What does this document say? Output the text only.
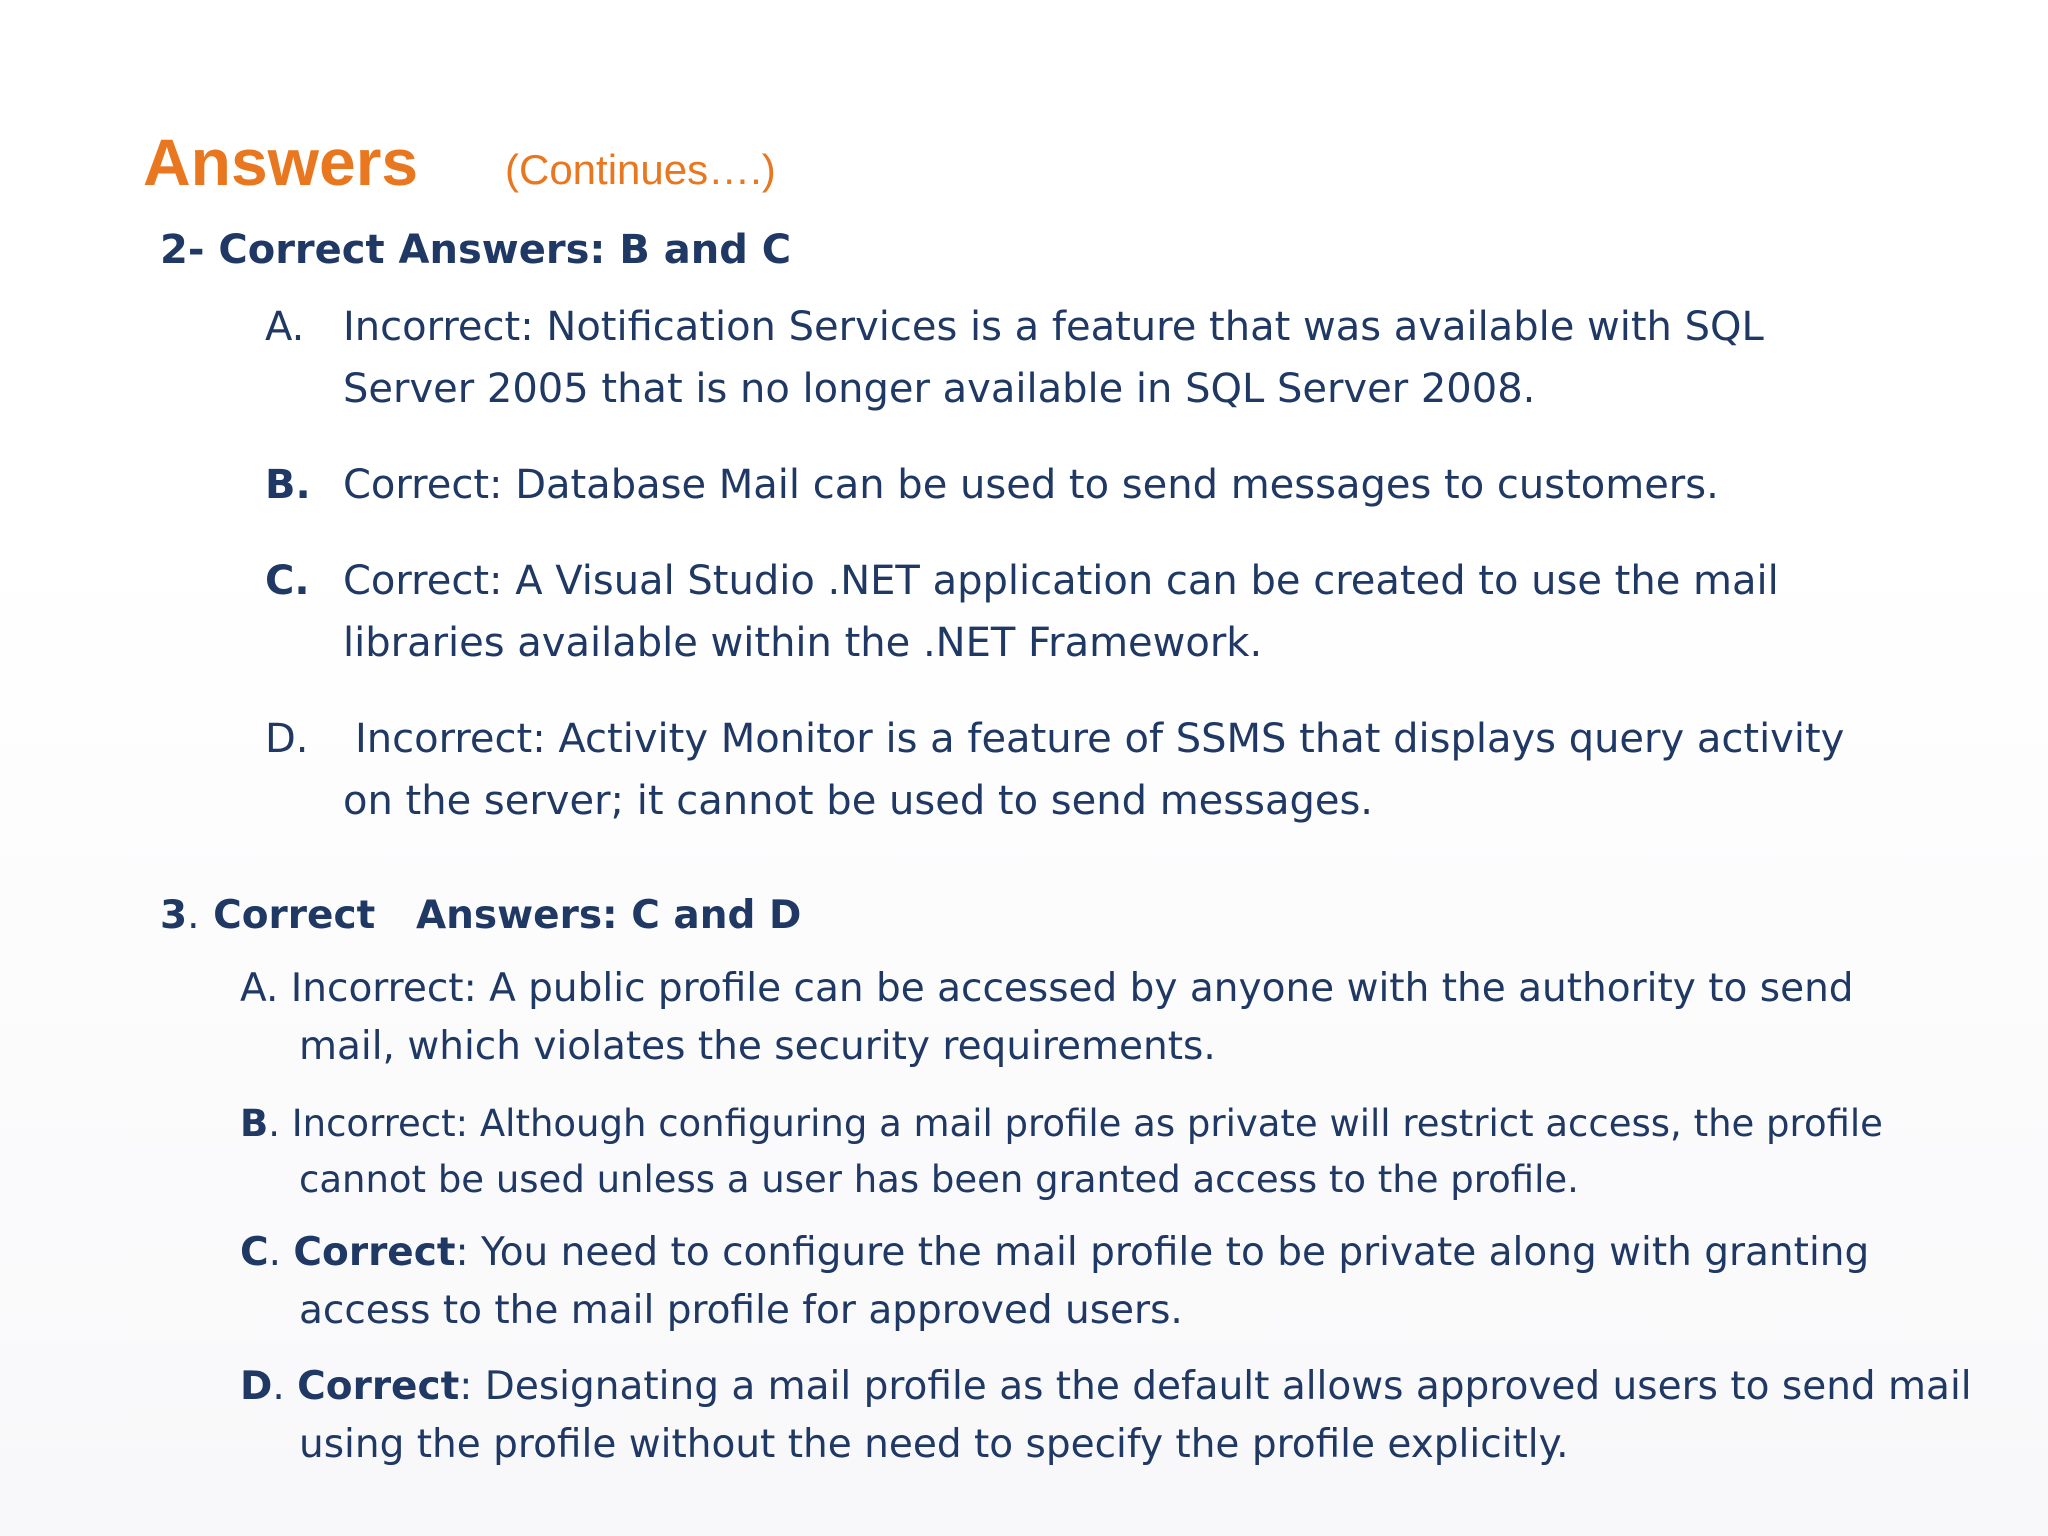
Answers (Continues….)
2- Correct Answers: B and C
A. Incorrect: Notification Services is a feature that was available with SQL
Server 2005 that is no longer available in SQL Server 2008.
B. Correct: Database Mail can be used to send messages to customers.
C. Correct: A Visual Studio .NET application can be created to use the mail
libraries available within the .NET Framework.
D. Incorrect: Activity Monitor is a feature of SSMS that displays query activity
on the server; it cannot be used to send messages.
3. Correct   Answers: C and D
A. Incorrect: A public profile can be accessed by anyone with the authority to send
mail, which violates the security requirements.
B. Incorrect: Although configuring a mail profile as private will restrict access, the profile
cannot be used unless a user has been granted access to the profile.
C. Correct: You need to configure the mail profile to be private along with granting
access to the mail profile for approved users.
D. Correct: Designating a mail profile as the default allows approved users to send mail
using the profile without the need to specify the profile explicitly.
